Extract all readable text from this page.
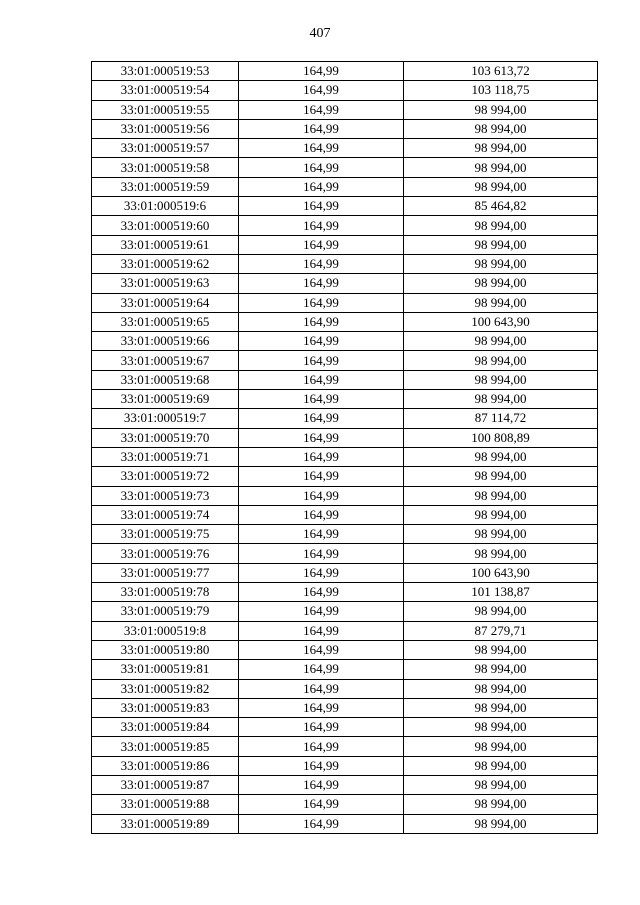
407
33:01:000519:53	164,99	103 613,72
33:01:000519:54	164,99	103 118,75
33:01:000519:55	164,99	98 994,00
33:01:000519:56	164,99	98 994,00
33:01:000519:57	164,99	98 994,00
33:01:000519:58	164,99	98 994,00
33:01:000519:59	164,99	98 994,00
33:01:000519:6	164,99	85 464,82
33:01:000519:60	164,99	98 994,00
33:01:000519:61	164,99	98 994,00
33:01:000519:62	164,99	98 994,00
33:01:000519:63	164,99	98 994,00
33:01:000519:64	164,99	98 994,00
33:01:000519:65	164,99	100 643,90
33:01:000519:66	164,99	98 994,00
33:01:000519:67	164,99	98 994,00
33:01:000519:68	164,99	98 994,00
33:01:000519:69	164,99	98 994,00
33:01:000519:7	164,99	87 114,72
33:01:000519:70	164,99	100 808,89
33:01:000519:71	164,99	98 994,00
33:01:000519:72	164,99	98 994,00
33:01:000519:73	164,99	98 994,00
33:01:000519:74	164,99	98 994,00
33:01:000519:75	164,99	98 994,00
33:01:000519:76	164,99	98 994,00
33:01:000519:77	164,99	100 643,90
33:01:000519:78	164,99	101 138,87
33:01:000519:79	164,99	98 994,00
33:01:000519:8	164,99	87 279,71
33:01:000519:80	164,99	98 994,00
33:01:000519:81	164,99	98 994,00
33:01:000519:82	164,99	98 994,00
33:01:000519:83	164,99	98 994,00
33:01:000519:84	164,99	98 994,00
33:01:000519:85	164,99	98 994,00
33:01:000519:86	164,99	98 994,00
33:01:000519:87	164,99	98 994,00
33:01:000519:88	164,99	98 994,00
33:01:000519:89	164,99	98 994,00
